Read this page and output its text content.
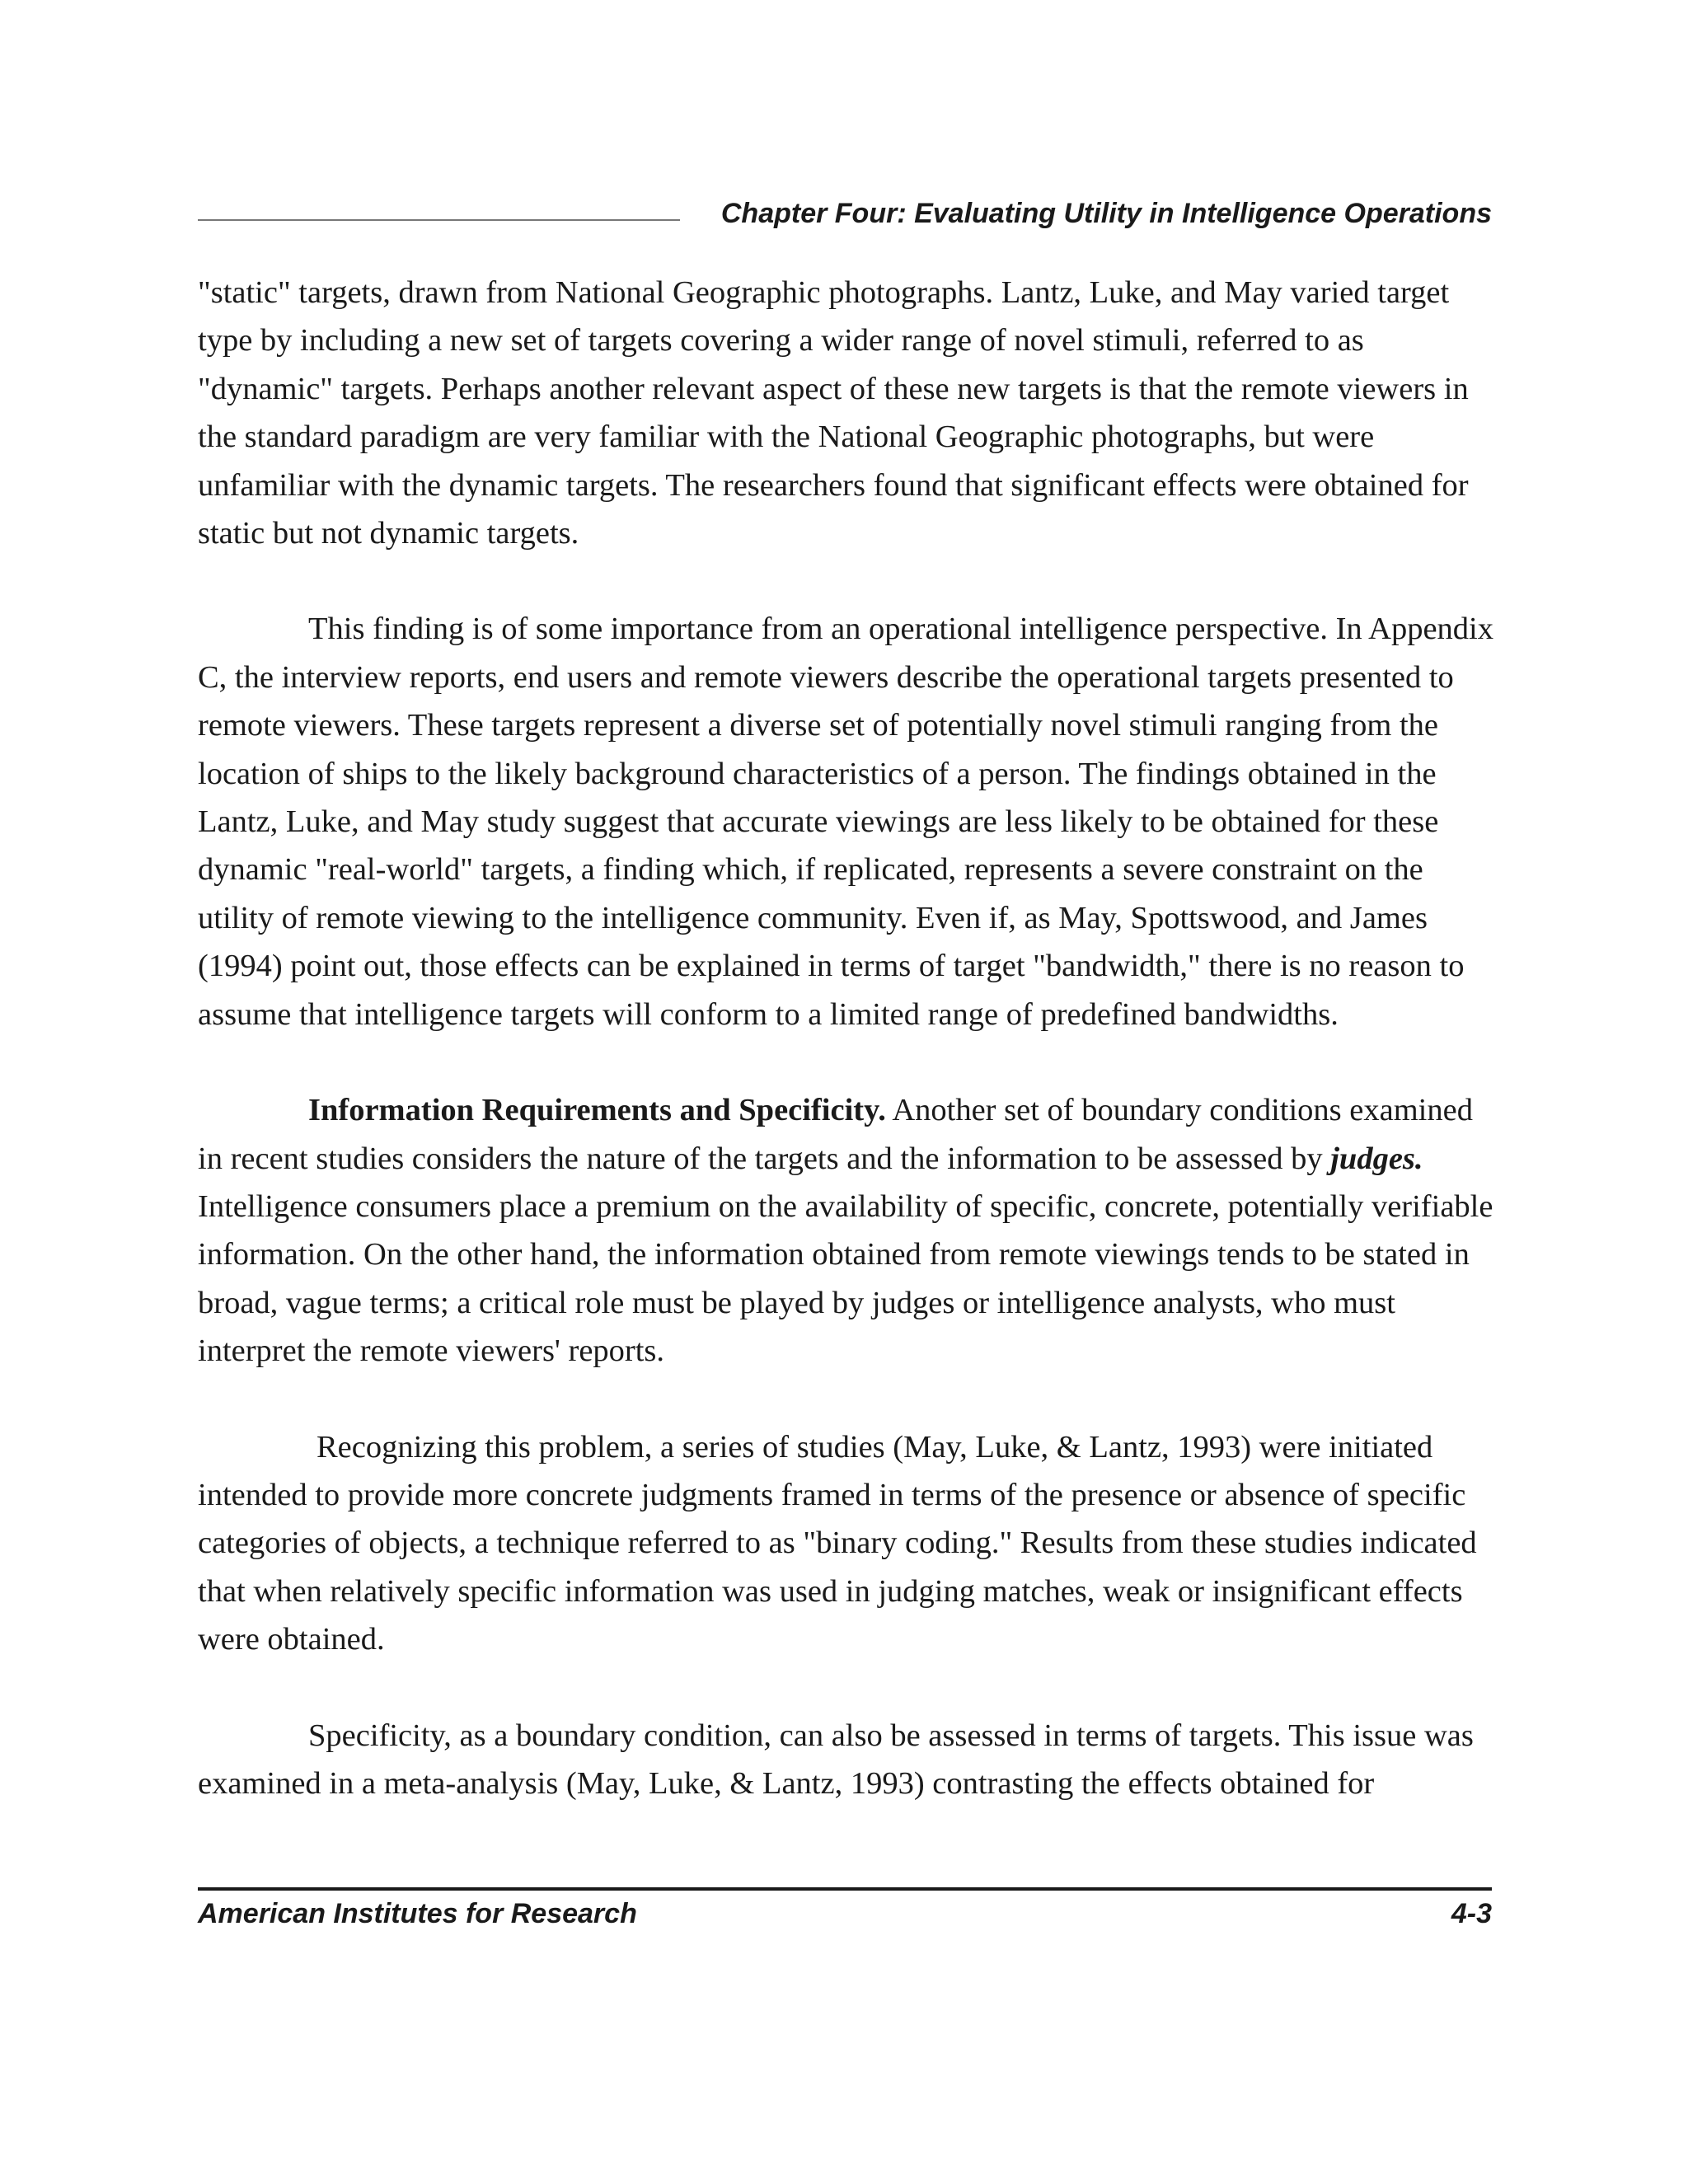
Chapter Four: Evaluating Utility in Intelligence Operations

"static" targets, drawn from National Geographic photographs. Lantz, Luke, and May varied target type by including a new set of targets covering a wider range of novel stimuli, referred to as "dynamic" targets. Perhaps another relevant aspect of these new targets is that the remote viewers in the standard paradigm are very familiar with the National Geographic photographs, but were unfamiliar with the dynamic targets. The researchers found that significant effects were obtained for static but not dynamic targets.

This finding is of some importance from an operational intelligence perspective. In Appendix C, the interview reports, end users and remote viewers describe the operational targets presented to remote viewers. These targets represent a diverse set of potentially novel stimuli ranging from the location of ships to the likely background characteristics of a person. The findings obtained in the Lantz, Luke, and May study suggest that accurate viewings are less likely to be obtained for these dynamic "real-world" targets, a finding which, if replicated, represents a severe constraint on the utility of remote viewing to the intelligence community. Even if, as May, Spottswood, and James (1994) point out, those effects can be explained in terms of target "bandwidth," there is no reason to assume that intelligence targets will conform to a limited range of predefined bandwidths.

Information Requirements and Specificity. Another set of boundary conditions examined in recent studies considers the nature of the targets and the information to be assessed by judges. Intelligence consumers place a premium on the availability of specific, concrete, potentially verifiable information. On the other hand, the information obtained from remote viewings tends to be stated in broad, vague terms; a critical role must be played by judges or intelligence analysts, who must interpret the remote viewers' reports.

Recognizing this problem, a series of studies (May, Luke, & Lantz, 1993) were initiated intended to provide more concrete judgments framed in terms of the presence or absence of specific categories of objects, a technique referred to as "binary coding." Results from these studies indicated that when relatively specific information was used in judging matches, weak or insignificant effects were obtained.

Specificity, as a boundary condition, can also be assessed in terms of targets. This issue was examined in a meta-analysis (May, Luke, & Lantz, 1993) contrasting the effects obtained for

American Institutes for Research	4-3
